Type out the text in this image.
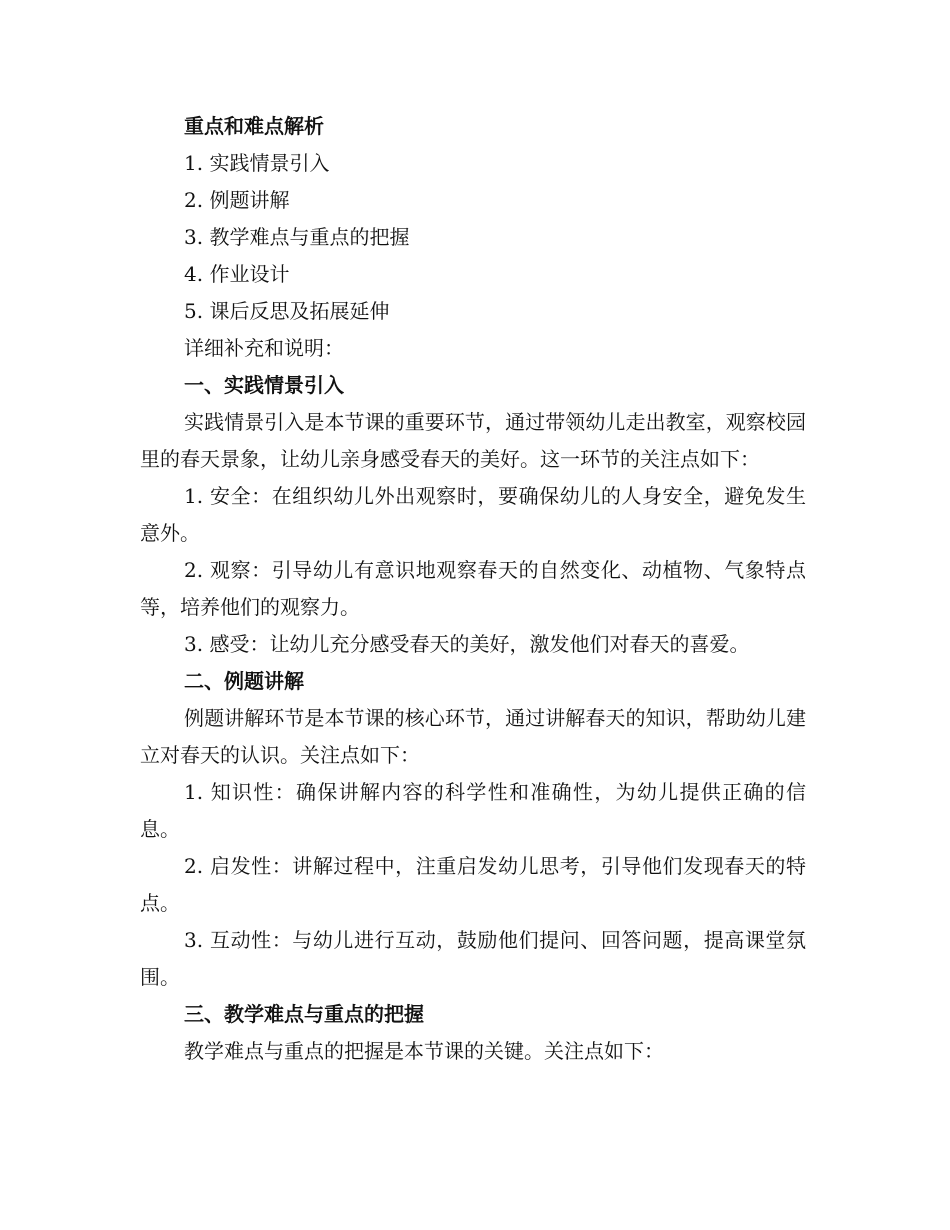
重点和难点解析

1. 实践情景引入

2. 例题讲解

3. 教学难点与重点的把握

4. 作业设计

5. 课后反思及拓展延伸

详细补充和说明：

一、实践情景引入

实践情景引入是本节课的重要环节，通过带领幼儿走出教室，观察校园里的春天景象，让幼儿亲身感受春天的美好。这一环节的关注点如下：

1. 安全：在组织幼儿外出观察时，要确保幼儿的人身安全，避免发生意外。

2. 观察：引导幼儿有意识地观察春天的自然变化、动植物、气象特点等，培养他们的观察力。

3. 感受：让幼儿充分感受春天的美好，激发他们对春天的喜爱。

二、例题讲解

例题讲解环节是本节课的核心环节，通过讲解春天的知识，帮助幼儿建立对春天的认识。关注点如下：

1. 知识性：确保讲解内容的科学性和准确性，为幼儿提供正确的信息。

2. 启发性：讲解过程中，注重启发幼儿思考，引导他们发现春天的特点。

3. 互动性：与幼儿进行互动，鼓励他们提问、回答问题，提高课堂氛围。

三、教学难点与重点的把握

教学难点与重点的把握是本节课的关键。关注点如下：
